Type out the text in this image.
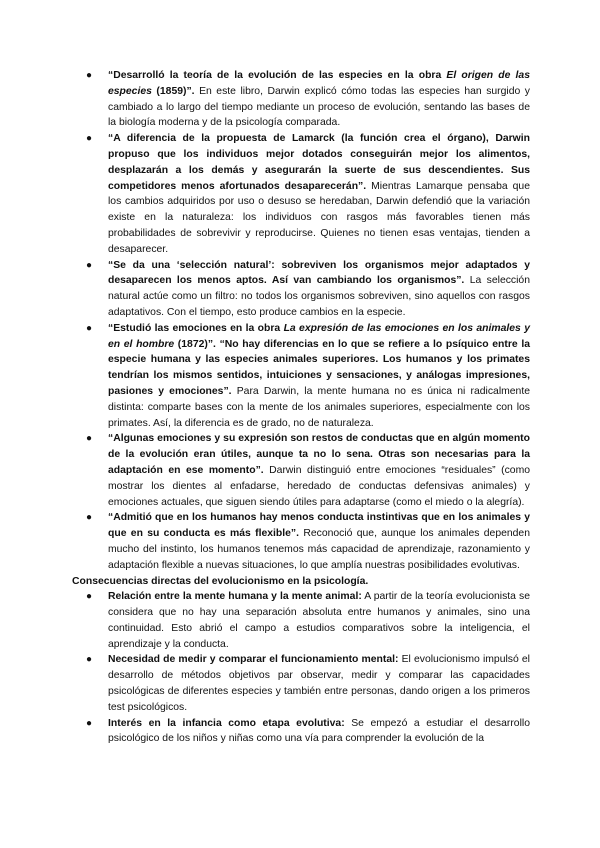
● “Desarrolló la teoría de la evolución de las especies en la obra El origen de las especies (1859)”. En este libro, Darwin explicó cómo todas las especies han surgido y cambiado a lo largo del tiempo mediante un proceso de evolución, sentando las bases de la biología moderna y de la psicología comparada.
● “A diferencia de la propuesta de Lamarck (la función crea el órgano), Darwin propuso que los individuos mejor dotados conseguirán mejor los alimentos, desplazarán a los demás y asegurarán la suerte de sus descendientes. Sus competidores menos afortunados desaparecerán”. Mientras Lamarque pensaba que los cambios adquiridos por uso o desuso se heredaban, Darwin defendió que la variación existe en la naturaleza: los individuos con rasgos más favorables tienen más probabilidades de sobrevivir y reproducirse. Quienes no tienen esas ventajas, tienden a desaparecer.
● “Se da una ‘selección natural’: sobreviven los organismos mejor adaptados y desaparecen los menos aptos. Así van cambiando los organismos”. La selección natural actúe como un filtro: no todos los organismos sobreviven, sino aquellos con rasgos adaptativos. Con el tiempo, esto produce cambios en la especie.
● “Estudió las emociones en la obra La expresión de las emociones en los animales y en el hombre (1872)”. “No hay diferencias en lo que se refiere a lo psíquico entre la especie humana y las especies animales superiores. Los humanos y los primates tendrían los mismos sentidos, intuiciones y sensaciones, y análogas impresiones, pasiones y emociones”. Para Darwin, la mente humana no es única ni radicalmente distinta: comparte bases con la mente de los animales superiores, especialmente con los primates. Así, la diferencia es de grado, no de naturaleza.
● “Algunas emociones y su expresión son restos de conductas que en algún momento de la evolución eran útiles, aunque ta no lo sena. Otras son necesarias para la adaptación en ese momento”. Darwin distinguió entre emociones “residuales” (como mostrar los dientes al enfadarse, heredado de conductas defensivas animales) y emociones actuales, que siguen siendo útiles para adaptarse (como el miedo o la alegría).
● “Admitió que en los humanos hay menos conducta instintivas que en los animales y que en su conducta es más flexible”. Reconoció que, aunque los animales dependen mucho del instinto, los humanos tenemos más capacidad de aprendizaje, razonamiento y adaptación flexible a nuevas situaciones, lo que amplía nuestras posibilidades evolutivas.

Consecuencias directas del evolucionismo en la psicología.

● Relación entre la mente humana y la mente animal: A partir de la teoría evolucionista se considera que no hay una separación absoluta entre humanos y animales, sino una continuidad. Esto abrió el campo a estudios comparativos sobre la inteligencia, el aprendizaje y la conducta.
● Necesidad de medir y comparar el funcionamiento mental: El evolucionismo impulsó el desarrollo de métodos objetivos par observar, medir y comparar las capacidades psicológicas de diferentes especies y también entre personas, dando origen a los primeros test psicológicos.
● Interés en la infancia como etapa evolutiva: Se empezó a estudiar el desarrollo psicológico de los niños y niñas como una vía para comprender la evolución de la
